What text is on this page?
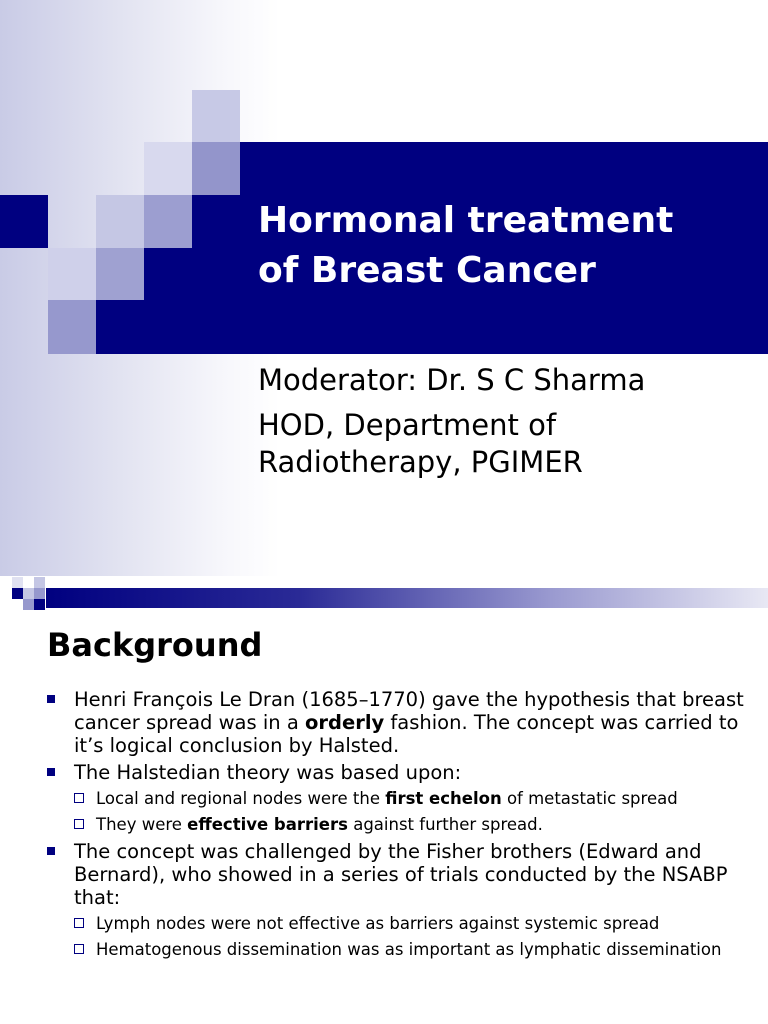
Hormonal treatment
of Breast Cancer

Moderator: Dr. S C Sharma

HOD, Department of
Radiotherapy, PGIMER

Background
Henri François Le Dran (1685–1770) gave the hypothesis that breast cancer spread was in a orderly fashion. The concept was carried to it’s logical conclusion by Halsted.
The Halstedian theory was based upon:
Local and regional nodes were the first echelon of metastatic spread
They were effective barriers against further spread.
The concept was challenged by the Fisher brothers (Edward and Bernard), who showed in a series of trials conducted by the NSABP that:
Lymph nodes were not effective as barriers against systemic spread
Hematogenous dissemination was as important as lymphatic dissemination
